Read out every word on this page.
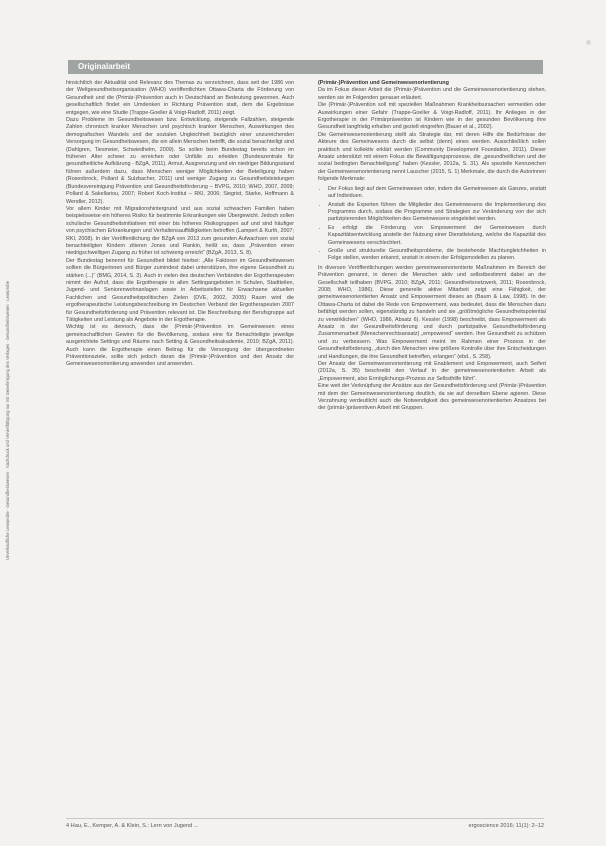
Unverkäufliche Leseprobe · Gesundheitswesen · Nachdruck und Vervielfältigung nur mit Genehmigung des Verlages · Gesundheitswesen · Leseprobe
Originalarbeit

hinsichtlich der Aktualität und Relevanz des Themas zu verzeichnen, dass seit der 1986 von der Weltgesundheitsorganisation (WHO) veröffentlichten Ottawa-Charta die Förderung von Gesundheit und die (Primär-)Prävention auch in Deutschland an Bedeutung gewonnen. Auch gesellschaftlich findet ein Umdenken in Richtung Prävention statt, dem die Ergebnisse entgegen, wie eine Studie (Trappe-Goeller & Voigt-Radloff, 2011) zeigt.

Dazu Probleme im Gesundheitswesen bzw. Entwicklung, steigende Fallzahlen, steigende Zahlen chronisch kranker Menschen und psychisch kranker Menschen, Auswirkungen des demografischen Wandels und der sozialen Ungleichheit bezüglich einer unzureichenden Versorgung im Gesundheitswesen, die ein allein Menschen betrifft, die sozial benachteiligt sind (Dahlgren, Tiesmeier, Schwiedhelm, 2009). So sollen beim Bundestag bereits schon im früheren Alter schwer zu erreichen oder Unfälle zu erleiden (Bundeszentrale für gesundheitliche Aufklärung - BZgA, 2011). Armut, Ausgrenzung und ein niedriger Bildungsstand führen außerdem dazu, dass Menschen weniger Möglichkeiten der Beteiligung haben (Rosenbrock, Pollard & Sulzbacher, 2011) und weniger Zugang zu Gesundheitsleistungen (Bundesvereinigung Prävention und Gesundheitsförderung – BVPG, 2010; WHO, 2007, 2009; Pollard & Sakellariou, 2007; Robert Koch-Institut – RKI, 2006; Siegrist, Starke, Hoffmann & Wendler, 2012).

Vor allem Kinder mit Migrationshintergrund und aus sozial schwachen Familien haben beispielsweise ein höheres Risiko für bestimmte Erkrankungen wie Übergewicht. Jedoch sollen schulische Gesundheitsinitiativen mit einer bis höheres Risikogruppen auf und sind häufiger von psychischen Erkrankungen und Verhaltensauffälligkeiten betroffen (Lampert & Kurth, 2007; RKI, 2008). In der Veröffentlichung der BZgA von 2013 zum gesunden Aufwachsen von sozial benachteiligten Kindern zitieren Jones und Rankin, heißt es, dass „Prävention einen niedrigschwelligen Zugang zu früher ist schwierig erreicht“ (BZgA, 2013, S. 8).

Der Bundestag benennt für Gesundheit bildet hierbei: „Alle Faktoren im Gesundheitswesen sollten die Bürgerinnen und Bürger zumindest dabei unterstützen, ihre eigene Gesundheit zu stärken (...)“ (BMG, 2014, S. 3). Auch in vielen des deutschen Verbänden der Ergotherapeuten nimmt der Aufruf, dass die Ergotherapie in allen Settingangeboten in Schulen, Stadtteilen, Jugend- und Seniorenwohnanlagen sowie in Arbeitsstellen für Erwachsene aktuellen Fachlichen und Gesundheitspolitischen Zielen (DVE, 2002, 2005) Raum wird die ergotherapeutische Leistungsbeschreibung im Deutschen Verband der Ergotherapeuten 2007 für Gesundheitsförderung und Prävention relevant ist. Die Beschreibung der Berufsgruppe auf Tätigkeiten und Leistung als Angebote in der Ergotherapie.

Wichtig ist es dennoch, dass die (Primär-)Prävention im Gemeinwesen eines gemeinschaftlichen Gewinn für die Bevölkerung, sodass eine für Benachteiligte jeweilige ausgerichtete Settings und Räume nach Setting & Gesundheitsakademie, 2010; BZgA, 2011). Auch kann die Ergotherapie einen Beitrag für die Versorgung der übergeordneten Präventionsziele, sollte sich jedoch daran die (Primär-)Prävention und den Ansatz der Gemeinwesenorientierung anwenden und anwenden.

(Primär-)Prävention und Gemeinwesenorientierung

Da im Fokus dieser Arbeit die (Primär-)Prävention und die Gemeinwesenorientierung stehen, werden sie im Folgenden genauer erläutert.

Die (Primär-)Prävention soll mit speziellen Maßnahmen Krankheitsursachen vermeiden oder Auswirkungen einer Gefahr (Trappe-Goeller & Voigt-Radloff, 2011). Ihr Anliegen in der Ergotherapie in der Primärprävention ist Kindern wie in der gesunden Bevölkerung ihre Gesundheit langfristig erhalten und gezielt eingreifen (Bauer et al., 2002).

Die Gemeinwesenorientierung stellt als Strategie dar, mit deren Hilfe die Bedürfnisse der Akteure des Gemeinwesens durch die selbst (denn) eines werden. Ausschließlich sollen praktisch und kollektiv erklärt werden (Community Development Foundation, 2011). Dieser Ansatz unterstützt mit einem Fokus die Bewältigungsprozesse, die „gesundheitlichen und der sozial bedingten Benachteiligung“ haben (Kessler, 2012a, S. 31). Als spezielle Kennzeichen der Gemeinwesenorientierung nennt Lauscher (2015, S. 1) Merkmale, die durch die Autorinnen folgende Merkmale:

• Der Fokus liegt auf dem Gemeinwesen oder, indem die Gemeinwesen als Ganzes, anstatt auf Individuen.
• Anstatt die Experten führen die Mitglieder des Gemeinwesens die Implementierung des Programms durch, sodass die Programme und Strategien zur Veränderung von der sich partizipierenden Möglichkeiten des Gemeinwesens eingeleitet werden.
• Es erfolgt die Förderung von Empowerment der Gemeinwesen durch Kapazitätsentwicklung anstelle der Nutzung einer Dienstleistung, welche die Kapazität des Gemeinwesens verschlechtert.
• Große und strukturelle Gesundheitsprobleme, die bestehende Machtungleichheiten in Folge stellen, werden erkannt, anstatt in einem der Erfolgsmodellen zu planen.

In diversen Veröffentlichungen werden gemeinwesenorientierte Maßnahmen im Bereich der Prävention genannt, in denen die Menschen aktiv und selbstbestimmt dabei an der Gesellschaft teilhaben (BVPG, 2010; BZgA, 2011; Gesundheitsnetzwerk, 2011; Rosenbrock, 2008; WHO, 1986). Diese generelle aktive Mitarbeit zeigt eine Fähigkeit, der gemeinwesenorientierten Ansatz und Empowerment dieses an (Baum & Law, 1998). In der Ottawa-Charta ist dabei die Rede von Empowerment, was bedeutet, dass die Menschen dazu befähigt werden sollen, eigenständig zu handeln und sie „größtmögliche Gesundheitspotential zu verwirklichen“ (WHO, 1986, Absatz 6). Kessler (1998) beschreibt, dass Empowerment als Ansatz in der Gesundheitsförderung und durch partizipative Gesundheitsförderung Zusammenarbeit (Menschenrechtsansatz) „empowered“ werden. Ihre Gesundheit zu schützen und zu verbessern. Was Empowerment meint im Rahmen einer Prozess in der Gesundheitsförderung, „durch den Menschen eine größere Kontrolle über ihre Entscheidungen und Handlungen, die ihre Gesundheit betreffen, erlangen“ (ebd., S. 258).

Der Ansatz der Gemeinwesenorientierung mit Enablement und Empowerment, auch Seifert (2012a, S. 35) beschreibt den Verlauf in der gemeinwesenorientierten Arbeit als „Empowerment, also Ermöglichungs-Prozess zur Selbsthilfe führt“.

Eine weit der Verknüpfung der Ansätze aus der Gesundheitsförderung und (Primär-)Prävention mit dem der Gemeinwesenorientierung deutlich, da sie auf derselben Ebene agieren. Diese Verzahnung verdeutlicht auch die Notwendigkeit des gemeinwesenorientierten Ansatzes bei der (primär-)präventiven Arbeit mit Gruppen.

4 Hau, E., Kemper, A. & Klein, S.: Lern von Jugend ...	ergoscience 2016; 11(1): 2–12
